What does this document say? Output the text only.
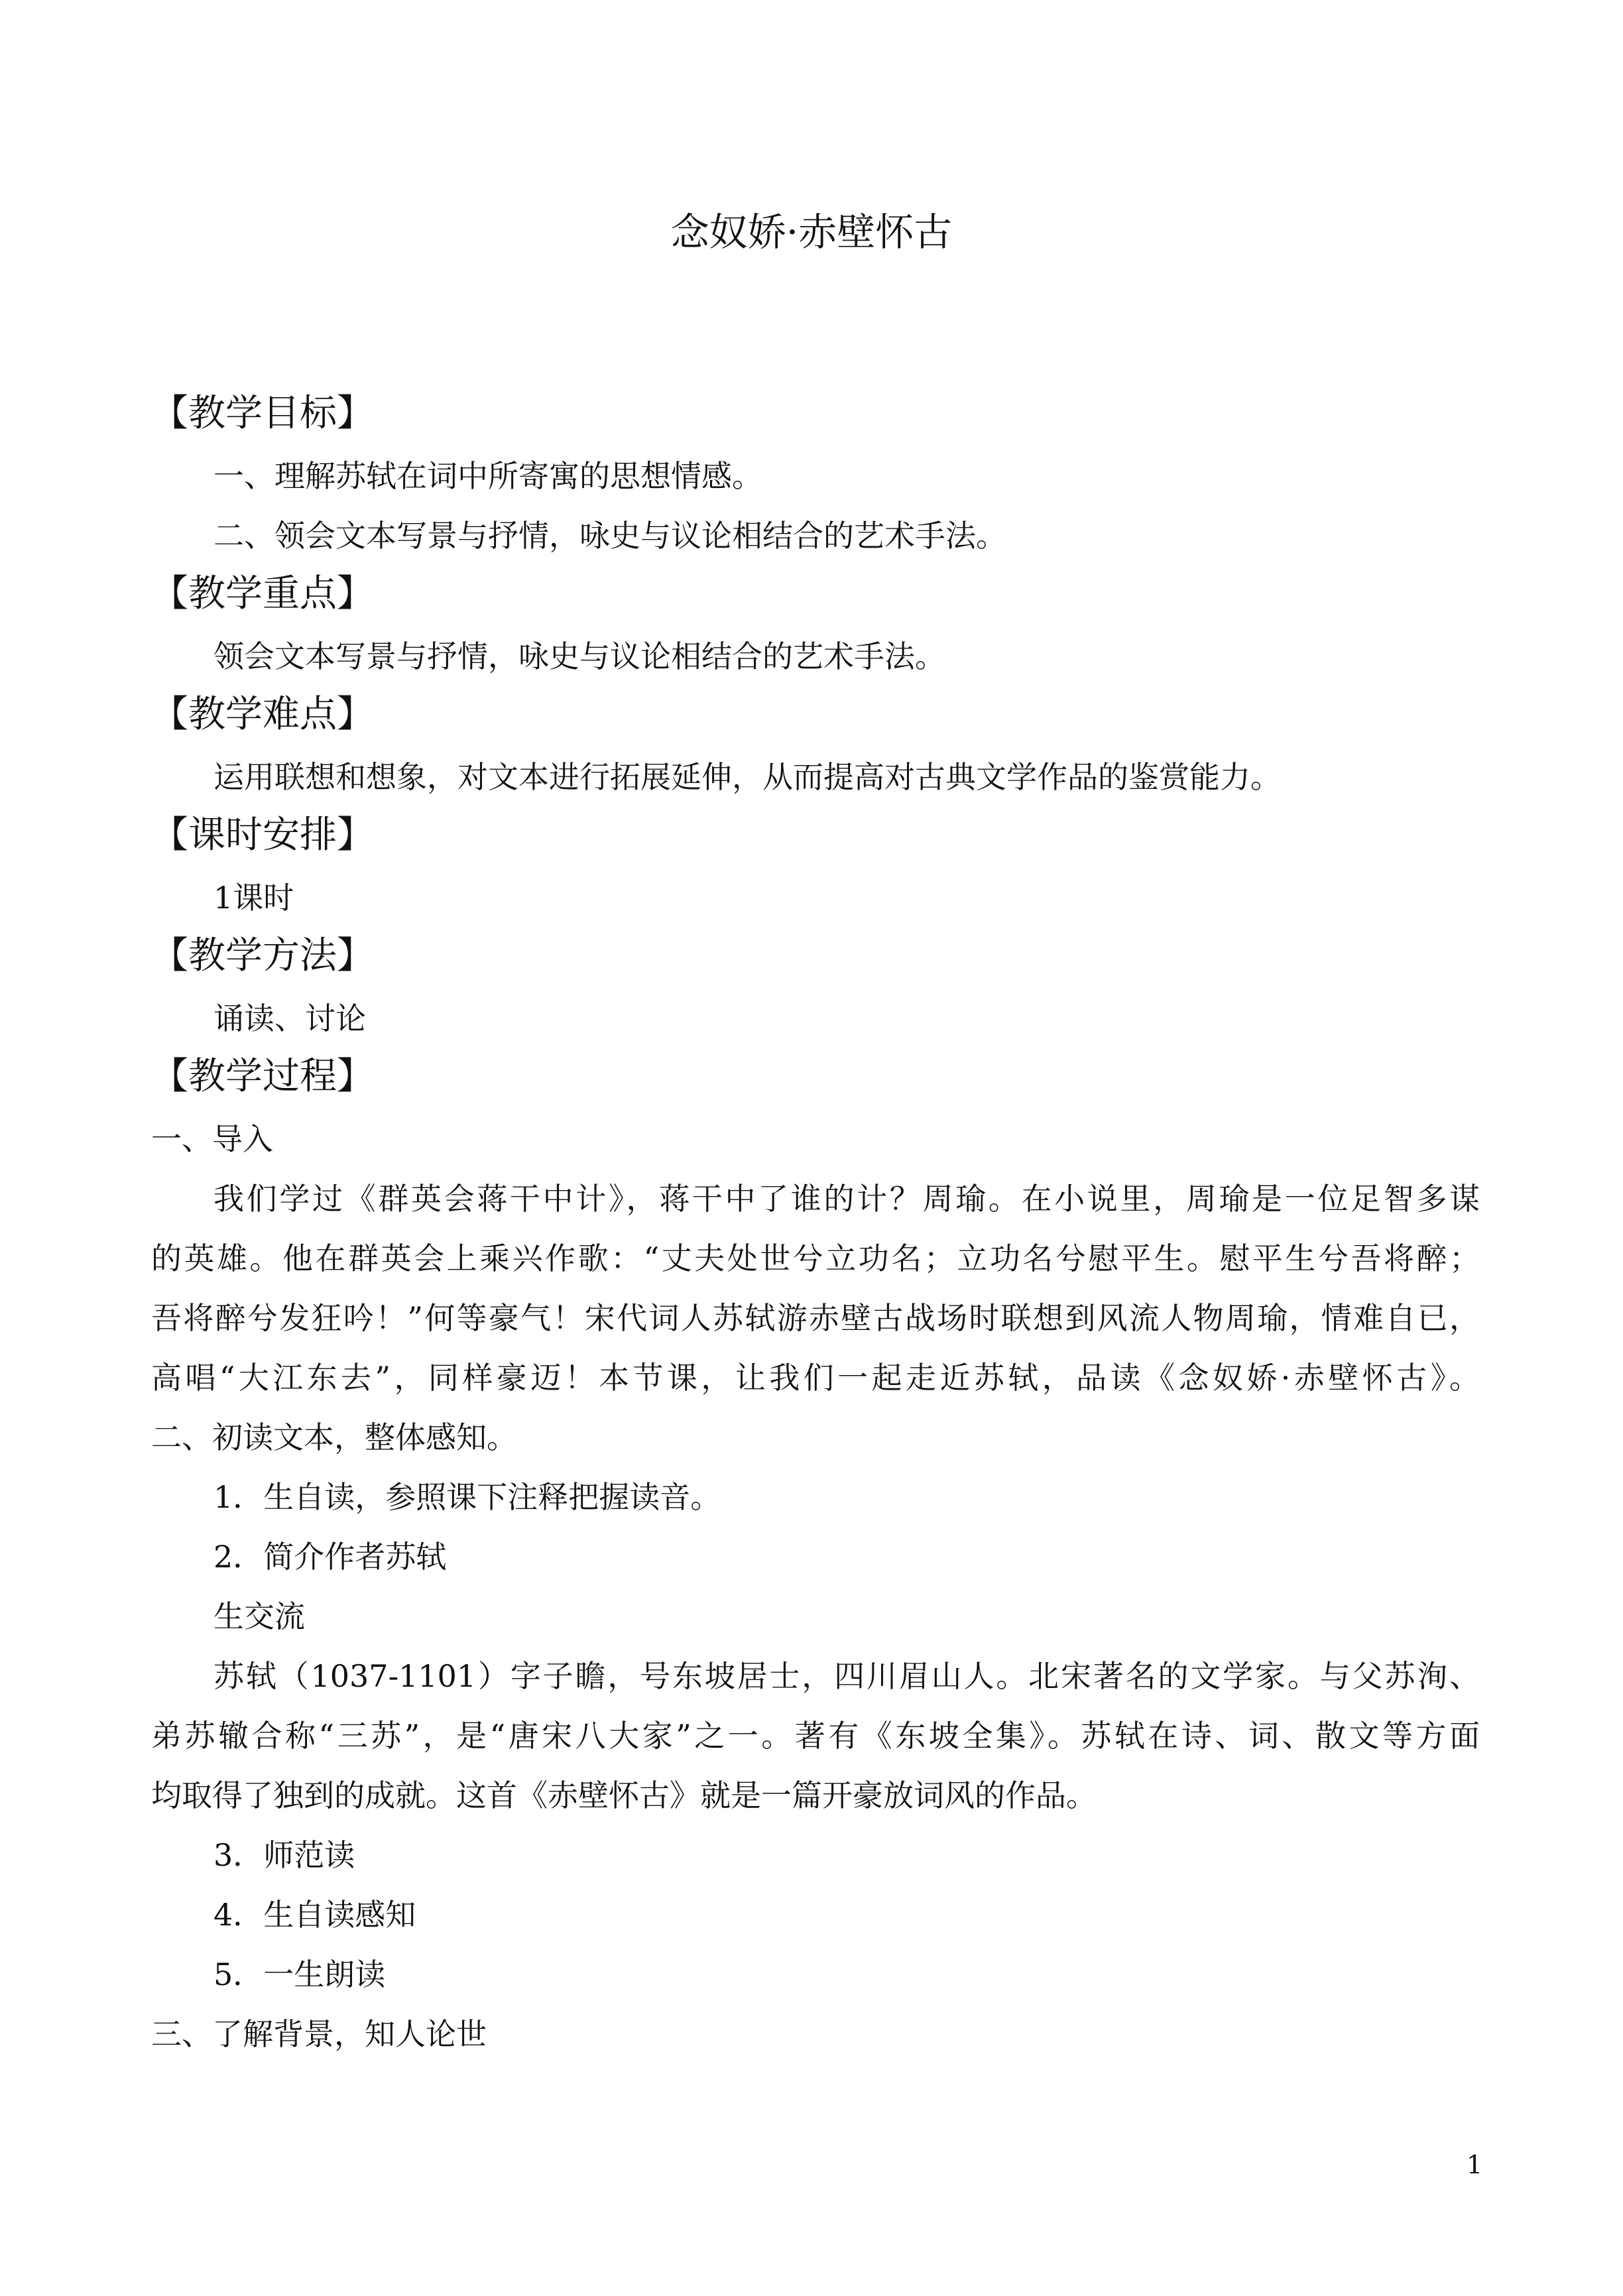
念奴娇·赤壁怀古
【教学目标】
一、理解苏轼在词中所寄寓的思想情感。
二、领会文本写景与抒情，咏史与议论相结合的艺术手法。
【教学重点】
领会文本写景与抒情，咏史与议论相结合的艺术手法。
【教学难点】
运用联想和想象，对文本进行拓展延伸，从而提高对古典文学作品的鉴赏能力。
【课时安排】
1课时
【教学方法】
诵读、讨论
【教学过程】
一、导入
我们学过《群英会蒋干中计》，蒋干中了谁的计？周瑜。在小说里，周瑜是一位足智多谋
的英雄。他在群英会上乘兴作歌：“丈夫处世兮立功名；立功名兮慰平生。慰平生兮吾将醉；
吾将醉兮发狂吟！”何等豪气！宋代词人苏轼游赤壁古战场时联想到风流人物周瑜，情难自已，
高唱“大江东去”，同样豪迈！本节课，让我们一起走近苏轼，品读《念奴娇·赤壁怀古》。
二、初读文本，整体感知。
1．生自读，参照课下注释把握读音。
2．简介作者苏轼
生交流
苏轼（1037-1101）字子瞻，号东坡居士，四川眉山人。北宋著名的文学家。与父苏洵、
弟苏辙合称“三苏”，是“唐宋八大家”之一。著有《东坡全集》。苏轼在诗、词、散文等方面
均取得了独到的成就。这首《赤壁怀古》就是一篇开豪放词风的作品。
3．师范读
4．生自读感知
5．一生朗读
三、了解背景，知人论世
1
